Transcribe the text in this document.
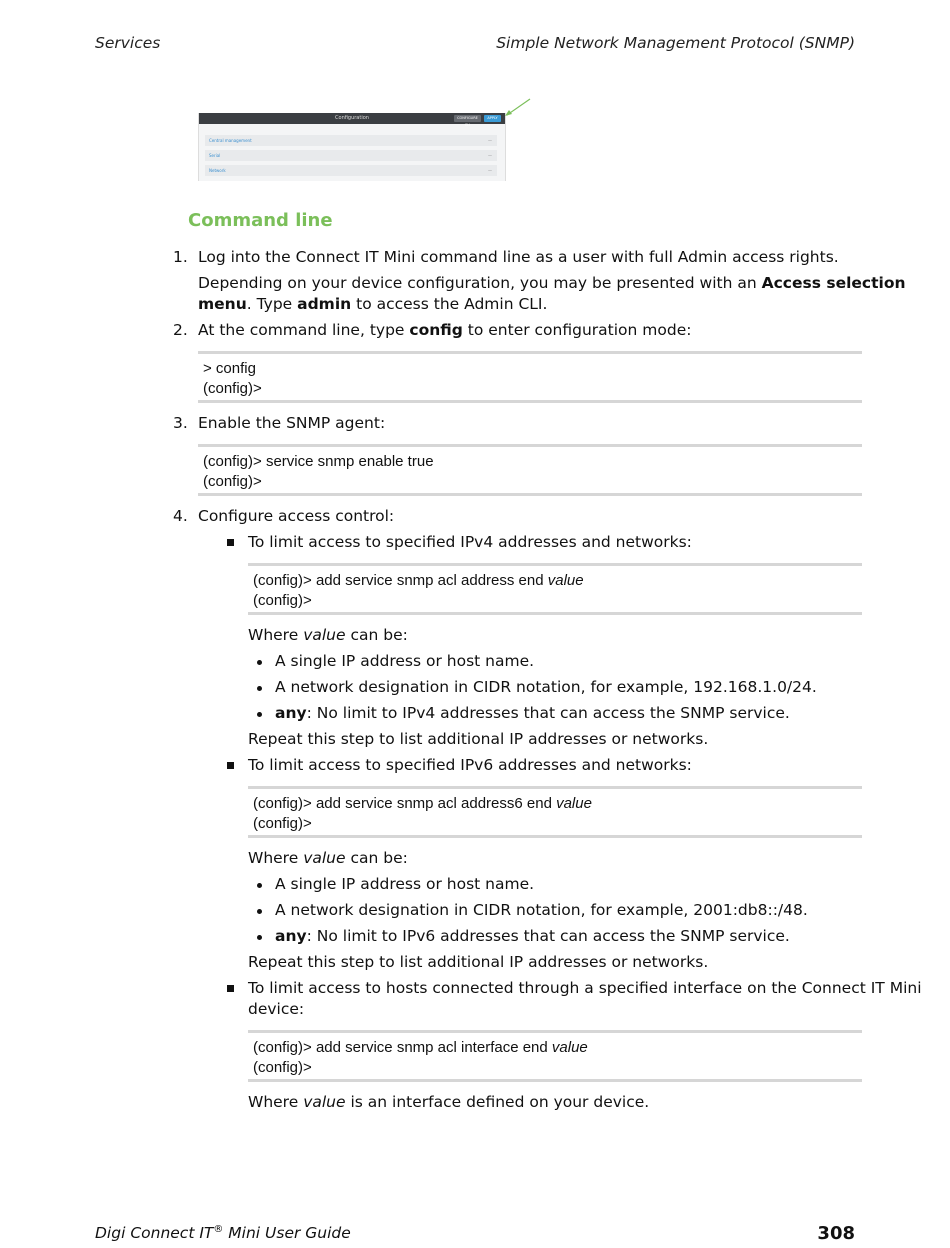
Services	Simple Network Management Protocol (SNMP)
Configuration	CONFIGURE CLI
APPLY
Central management	—
Serial	—
Network	—
Command line
1. Log into the Connect IT Mini command line as a user with full Admin access rights.
Depending on your device configuration, you may be presented with an Access selection
menu. Type admin to access the Admin CLI.
2. At the command line, type config to enter configuration mode:
> config
(config)>
3. Enable the SNMP agent:
(config)> service snmp enable true
(config)>
4. Configure access control:
To limit access to specified IPv4 addresses and networks:
(config)> add service snmp acl address end value
(config)>
Where value can be:
A single IP address or host name.
A network designation in CIDR notation, for example, 192.168.1.0/24.
any: No limit to IPv4 addresses that can access the SNMP service.
Repeat this step to list additional IP addresses or networks.
To limit access to specified IPv6 addresses and networks:
(config)> add service snmp acl address6 end value
(config)>
Where value can be:
A single IP address or host name.
A network designation in CIDR notation, for example, 2001:db8::/48.
any: No limit to IPv6 addresses that can access the SNMP service.
Repeat this step to list additional IP addresses or networks.
To limit access to hosts connected through a specified interface on the Connect IT Mini
device:
(config)> add service snmp acl interface end value
(config)>
Where value is an interface defined on your device.
Digi Connect IT® Mini User Guide	308
